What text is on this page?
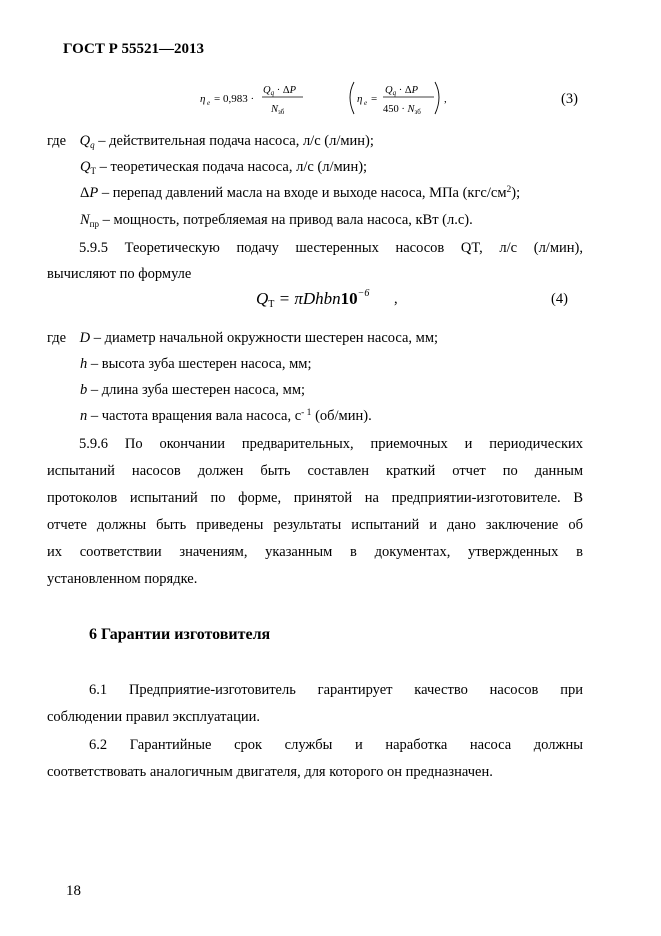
ГОСТ Р 55521—2013
η e = 0,983 ·
Qq · ΔP
Nзб
η e =
Qq · ΔP
450 · Nзб
,	(3)
где $Q_q$ – действительная подача насоса, л/с (л/мин);
$Q_Т$ – теоретическая подача насоса, л/с (л/мин);
ΔP – перепад давлений масла на входе и выходе насоса, МПа $(кгс/см^2)$;
$N_{пр}$ – мощность, потребляемая на привод вала насоса, кВт (л.с).
5.9.5 Теоретическую подачу шестеренных насосов QT, л/с (л/мин),
вычисляют по формуле
$Q_Т$ = $\pi Dhbn10^{-6}$ ,	(4)
где D – диаметр начальной окружности шестерен насоса, мм;
h – высота зуба шестерен насоса, мм;
b – длина зуба шестерен насоса, мм;
n – частота вращения вала насоса, $с^{- 1}$ (об/мин).
5.9.6 По окончании предварительных, приемочных и периодических
испытаний насосов должен быть составлен краткий отчет по данным
протоколов испытаний по форме, принятой на предприятии-изготовителе. В
отчете должны быть приведены результаты испытаний и дано заключение об
их соответствии значениям, указанным в документах, утвержденных в
установленном порядке.
6 Гарантии изготовителя
6.1 Предприятие-изготовитель гарантирует качество насосов при
соблюдении правил эксплуатации.
6.2 Гарантийные срок службы и наработка насоса должны
соответствовать аналогичным двигателя, для которого он предназначен.
18
